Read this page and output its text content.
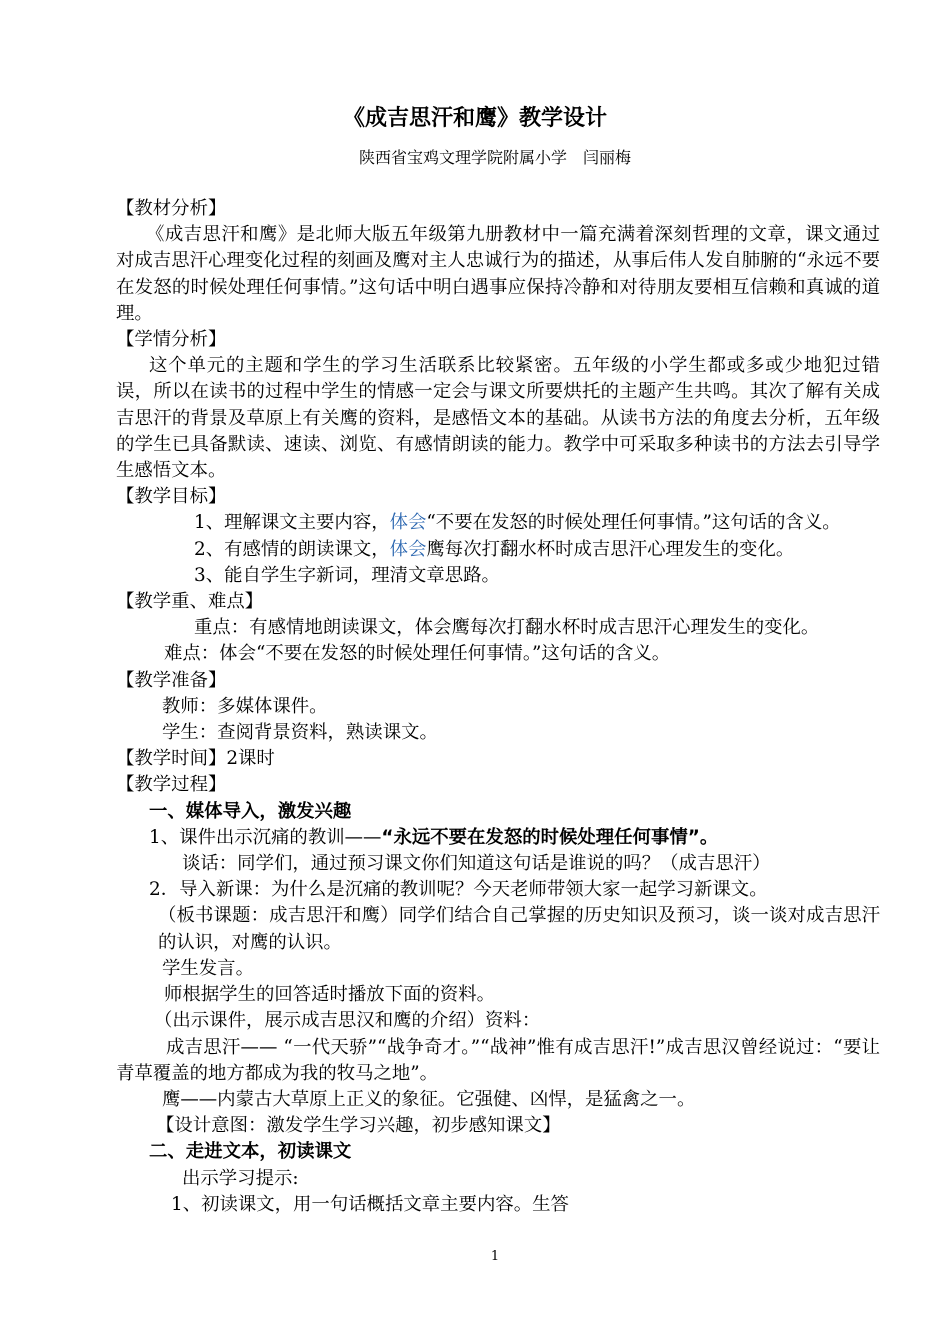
《成吉思汗和鹰》教学设计
陕西省宝鸡文理学院附属小学　闫丽梅

【教材分析】

《成吉思汗和鹰》是北师大版五年级第九册教材中一篇充满着深刻哲理的文章，课文通过对成吉思汗心理变化过程的刻画及鹰对主人忠诚行为的描述，从事后伟人发自肺腑的“永远不要在发怒的时候处理任何事情。”这句话中明白遇事应保持冷静和对待朋友要相互信赖和真诚的道理。

【学情分析】

这个单元的主题和学生的学习生活联系比较紧密。五年级的小学生都或多或少地犯过错误，所以在读书的过程中学生的情感一定会与课文所要烘托的主题产生共鸣。其次了解有关成吉思汗的背景及草原上有关鹰的资料，是感悟文本的基础。从读书方法的角度去分析，五年级的学生已具备默读、速读、浏览、有感情朗读的能力。教学中可采取多种读书的方法去引导学生感悟文本。

【教学目标】

1、理解课文主要内容，体会“不要在发怒的时候处理任何事情。”这句话的含义。

2、有感情的朗读课文，体会鹰每次打翻水杯时成吉思汗心理发生的变化。

3、能自学生字新词，理清文章思路。

【教学重、难点】

重点：有感情地朗读课文，体会鹰每次打翻水杯时成吉思汗心理发生的变化。

难点：体会“不要在发怒的时候处理任何事情。”这句话的含义。

【教学准备】

教师：多媒体课件。

学生：查阅背景资料，熟读课文。

【教学时间】2课时

【教学过程】

一、媒体导入，激发兴趣

1、课件出示沉痛的教训——“永远不要在发怒的时候处理任何事情”。

谈话：同学们，通过预习课文你们知道这句话是谁说的吗？（成吉思汗）

2．导入新课：为什么是沉痛的教训呢？今天老师带领大家一起学习新课文。

（板书课题：成吉思汗和鹰）同学们结合自己掌握的历史知识及预习，谈一谈对成吉思汗的认识，对鹰的认识。

学生发言。

师根据学生的回答适时播放下面的资料。

（出示课件，展示成吉思汉和鹰的介绍）资料：

成吉思汗—— “一代天骄”“战争奇才。”“战神”惟有成吉思汗!”成吉思汉曾经说过：“要让青草覆盖的地方都成为我的牧马之地”。

鹰——内蒙古大草原上正义的象征。它强健、凶悍，是猛禽之一。

【设计意图：激发学生学习兴趣，初步感知课文】

二、走进文本，初读课文

出示学习提示:

1、初读课文，用一句话概括文章主要内容。生答

1
